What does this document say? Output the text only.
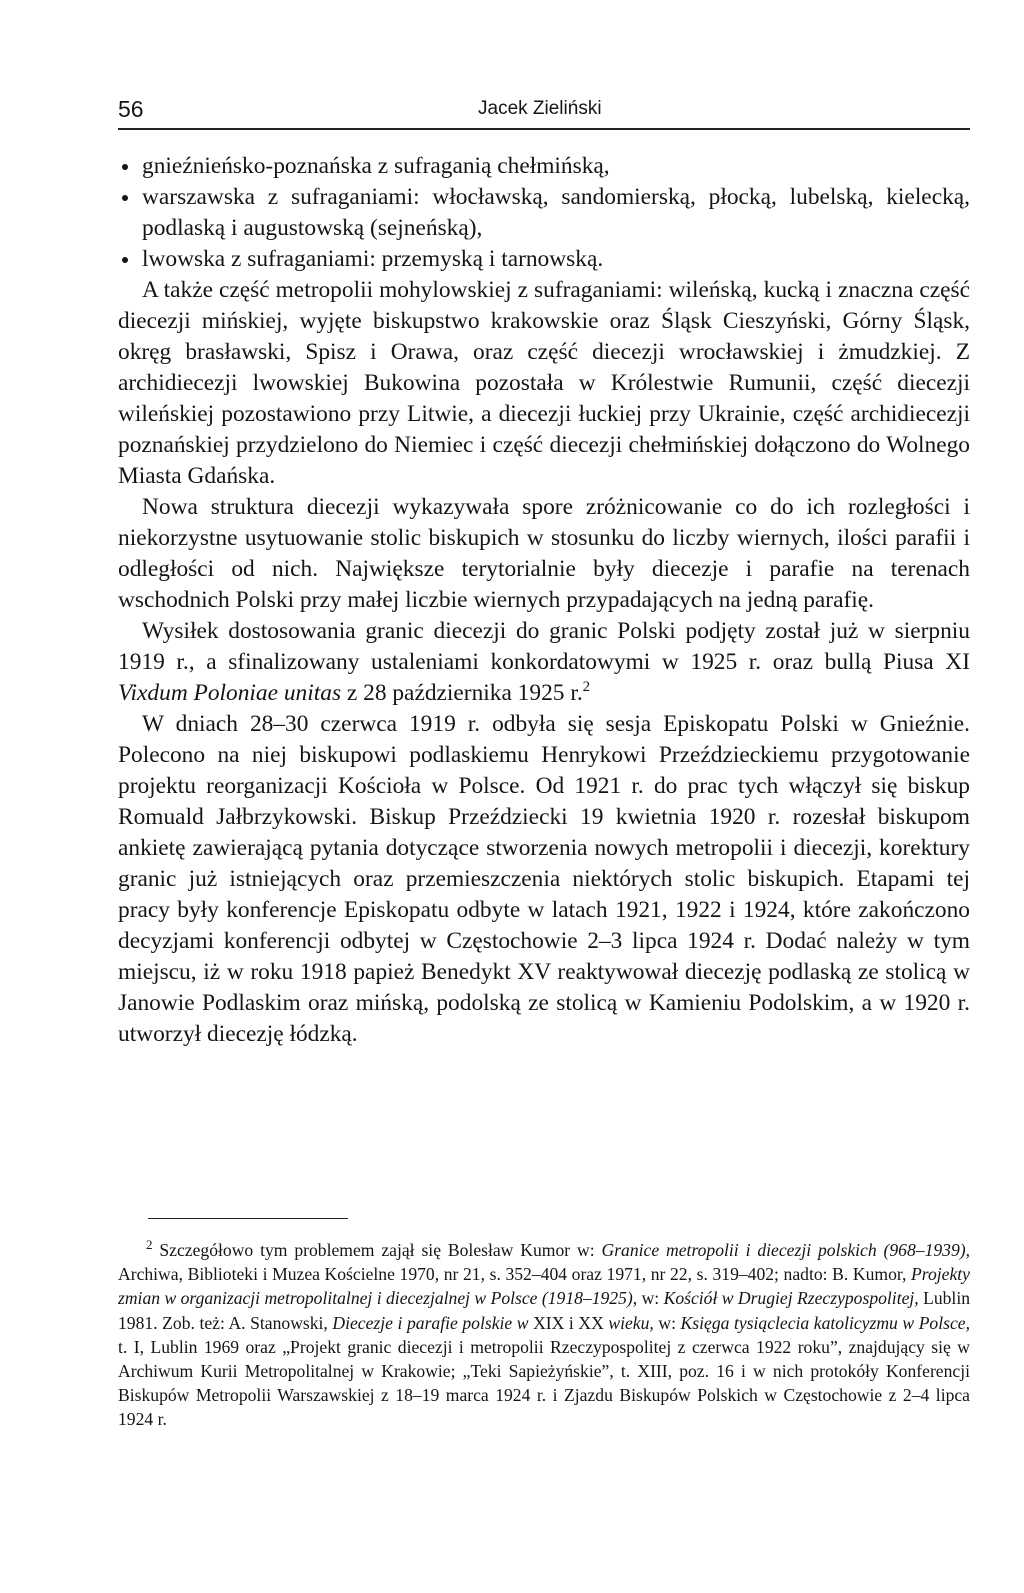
56	Jacek Zieliński
gnieźnieńsko-poznańska z sufraganią chełmińską,
warszawska z sufraganiami: włocławską, sandomierską, płocką, lubelską, kielecką, podlaską i augustowską (sejneńską),
lwowska z sufraganiami: przemyską i tarnowską.

A także część metropolii mohylowskiej z sufraganiami: wileńską, kucką i znaczna część diecezji mińskiej, wyjęte biskupstwo krakowskie oraz Śląsk Cieszyński, Górny Śląsk, okręg brasławski, Spisz i Orawa, oraz część diecezji wrocławskiej i żmudzkiej. Z archidiecezji lwowskiej Bukowina pozostała w Królestwie Rumunii, część diecezji wileńskiej pozostawiono przy Litwie, a diecezji łuckiej przy Ukrainie, część archidiecezji poznańskiej przydzielono do Niemiec i część diecezji chełmińskiej dołączono do Wolnego Miasta Gdańska.

Nowa struktura diecezji wykazywała spore zróżnicowanie co do ich rozległości i niekorzystne usytuowanie stolic biskupich w stosunku do liczby wiernych, ilości parafii i odległości od nich. Największe terytorialnie były diecezje i parafie na terenach wschodnich Polski przy małej liczbie wiernych przypadających na jedną parafię.

Wysiłek dostosowania granic diecezji do granic Polski podjęty został już w sierpniu 1919 r., a sfinalizowany ustaleniami konkordatowymi w 1925 r. oraz bullą Piusa XI Vixdum Poloniae unitas z 28 października 1925 r.$^2$

W dniach 28–30 czerwca 1919 r. odbyła się sesja Episkopatu Polski w Gnieźnie. Polecono na niej biskupowi podlaskiemu Henrykowi Przeździeckiemu przygotowanie projektu reorganizacji Kościoła w Polsce. Od 1921 r. do prac tych włączył się biskup Romuald Jałbrzykowski. Biskup Przeździecki 19 kwietnia 1920 r. rozesłał biskupom ankietę zawierającą pytania dotyczące stworzenia nowych metropolii i diecezji, korektury granic już istniejących oraz przemieszczenia niektórych stolic biskupich. Etapami tej pracy były konferencje Episkopatu odbyte w latach 1921, 1922 i 1924, które zakończono decyzjami konferencji odbytej w Częstochowie 2–3 lipca 1924 r. Dodać należy w tym miejscu, iż w roku 1918 papież Benedykt XV reaktywował diecezję podlaską ze stolicą w Janowie Podlaskim oraz mińską, podolską ze stolicą w Kamieniu Podolskim, a w 1920 r. utworzył diecezję łódzką.

$^2$ Szczegółowo tym problemem zajął się Bolesław Kumor w: Granice metropolii i diecezji polskich (968–1939), Archiwa, Biblioteki i Muzea Kościelne 1970, nr 21, s. 352–404 oraz 1971, nr 22, s. 319–402; nadto: B. Kumor, Projekty zmian w organizacji metropolitalnej i diecezjalnej w Polsce (1918–1925), w: Kościół w Drugiej Rzeczypospolitej, Lublin 1981. Zob. też: A. Stanowski, Diecezje i parafie polskie w XIX i XX wieku, w: Księga tysiąclecia katolicyzmu w Polsce, t. I, Lublin 1969 oraz „Projekt granic diecezji i metropolii Rzeczypospolitej z czerwca 1922 roku”, znajdujący się w Archiwum Kurii Metropolitalnej w Krakowie; „Teki Sapieżyńskie”, t. XIII, poz. 16 i w nich protokóły Konferencji Biskupów Metropolii Warszawskiej z 18–19 marca 1924 r. i Zjazdu Biskupów Polskich w Częstochowie z 2–4 lipca 1924 r.
